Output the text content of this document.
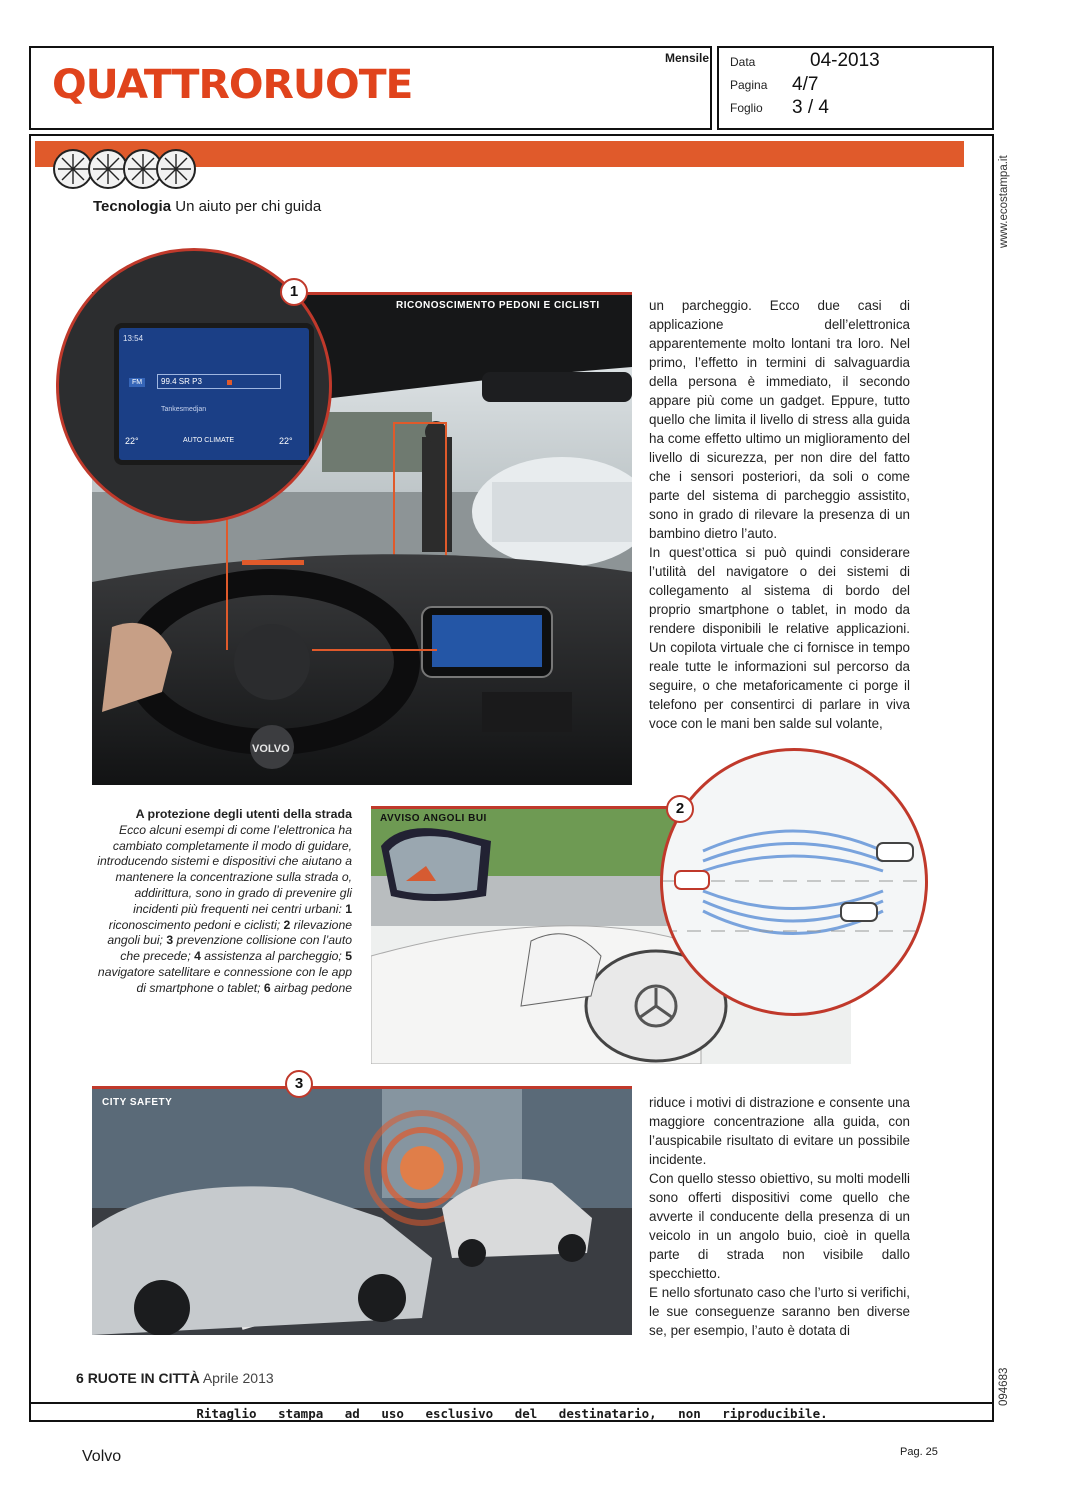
QUATTRORUOTE
Mensile Data	04-2013
Pagina 4/7
Foglio 3 / 4
www.ecostampa.it
094683
Tecnologia Un aiuto per chi guida
VOLVO
RICONOSCIMENTO PEDONI E CICLISTI
13:54
FM	99.4 SR P3
Tankesmedjan
22°	AUTO CLIMATE	22°
1

un parcheggio. Ecco due casi di applicazione dell’elettronica apparentemente molto lontani tra loro. Nel primo, l’effetto in termini di salvaguardia della persona è immediato, il secondo appare più come un gadget. Eppure, tutto quello che limita il livello di stress alla guida ha come effetto ultimo un miglioramento del livello di sicurezza, per non dire del fatto che i sensori posteriori, da soli o come parte del sistema di parcheggio assistito, sono in grado di rilevare la presenza di un bambino dietro l’auto.

In quest’ottica si può quindi considerare l’utilità del navigatore o dei sistemi di collegamento al sistema di bordo del proprio smartphone o tablet, in modo da rendere disponibili le relative applicazioni. Un copilota virtuale che ci fornisce in tempo reale tutte le informazioni sul percorso da seguire, o che metaforicamente ci porge il telefono per consentirci di parlare in viva voce con le mani ben salde sul volante,

A protezione degli utenti della strada
Ecco alcuni esempi di come l’elettronica ha cambiato completamente il modo di guidare, introducendo sistemi e dispositivi che aiutano a mantenere la concentrazione sulla strada o, addirittura, sono in grado di prevenire gli incidenti più frequenti nei centri urbani: 1 riconoscimento pedoni e ciclisti; 2 rilevazione angoli bui; 3 prevenzione collisione con l’auto che precede; 4 assistenza al parcheggio; 5 navigatore satellitare e connessione con le app di smartphone o tablet; 6 airbag pedone
AVVISO ANGOLI BUI
2
CITY SAFETY
3

riduce i motivi di distrazione e consente una maggiore concentrazione alla guida, con l’auspicabile risultato di evitare un possibile incidente.

Con quello stesso obiettivo, su molti modelli sono offerti dispositivi come quello che avverte il conducente della presenza di un veicolo in un angolo buio, cioè in quella parte di strada non visibile dallo specchietto.

E nello sfortunato caso che l’urto si verifichi, le sue conseguenze saranno ben diverse se, per esempio, l’auto è dotata di

6 RUOTE IN CITTÀ Aprile 2013
Ritaglio stampa ad uso esclusivo del destinatario, non riproducibile.
Volvo	Pag. 25
